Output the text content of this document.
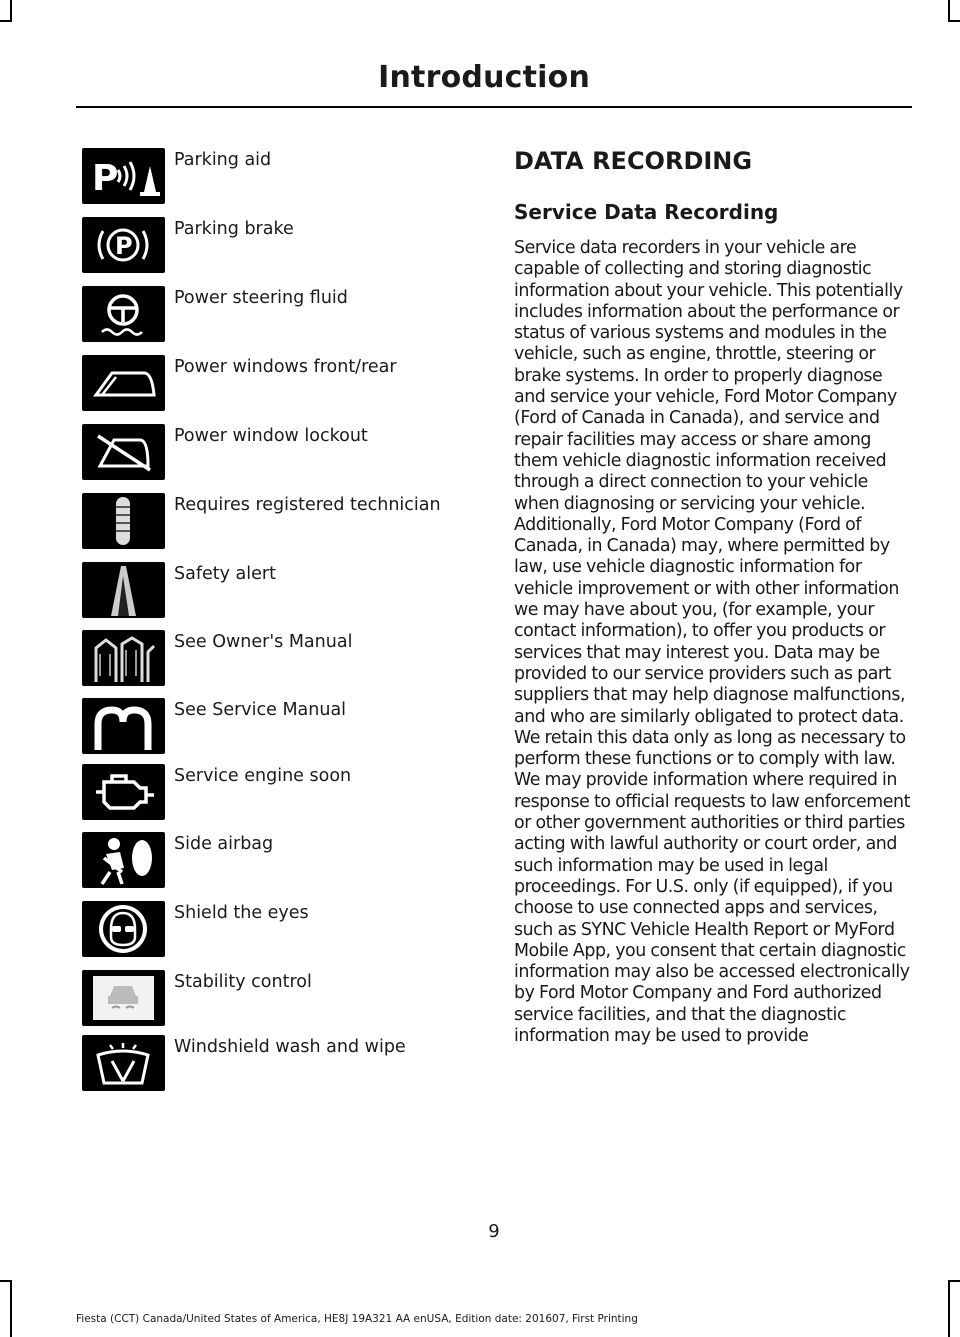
Introduction
P	Parking aid
P
Parking brake
Power steering fluid
Power windows front/rear
Power window lockout
Requires registered technician
Safety alert
See Owner's Manual
See Service Manual
Service engine soon
Side airbag
Shield the eyes
Stability control
Windshield wash and wipe
DATA RECORDING
Service Data Recording

Service data recorders in your vehicle are capable of collecting and storing diagnostic information about your vehicle. This potentially includes information about the performance or status of various systems and modules in the vehicle, such as engine, throttle, steering or brake systems. In order to properly diagnose and service your vehicle, Ford Motor Company (Ford of Canada in Canada), and service and repair facilities may access or share among them vehicle diagnostic information received through a direct connection to your vehicle when diagnosing or servicing your vehicle. Additionally, Ford Motor Company (Ford of Canada, in Canada) may, where permitted by law, use vehicle diagnostic information for vehicle improvement or with other information we may have about you, (for example, your contact information), to offer you products or services that may interest you. Data may be provided to our service providers such as part suppliers that may help diagnose malfunctions, and who are similarly obligated to protect data. We retain this data only as long as necessary to perform these functions or to comply with law. We may provide information where required in response to official requests to law enforcement or other government authorities or third parties acting with lawful authority or court order, and such information may be used in legal proceedings. For U.S. only (if equipped), if you choose to use connected apps and services, such as SYNC Vehicle Health Report or MyFord Mobile App, you consent that certain diagnostic information may also be accessed electronically by Ford Motor Company and Ford authorized service facilities, and that the diagnostic information may be used to provide

9
Fiesta (CCT) Canada/United States of America, HE8J 19A321 AA enUSA, Edition date: 201607, First Printing
